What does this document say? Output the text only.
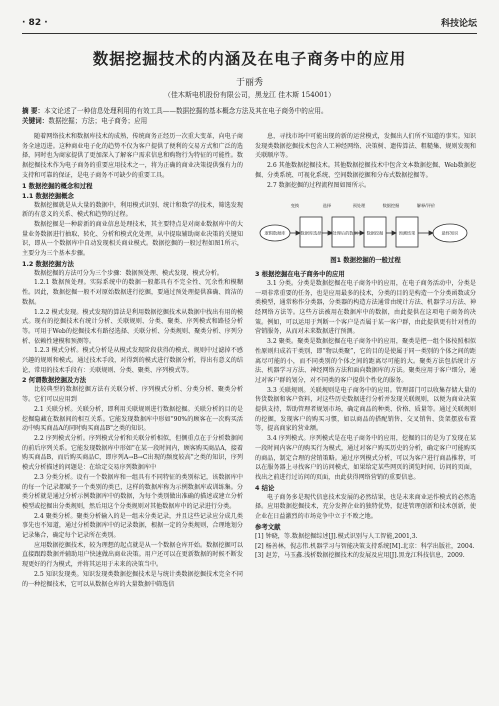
· 82 ·	科技论坛
数据挖掘技术的内涵及在电子商务中的应用
于丽秀
（佳木斯电机股份有限公司，黑龙江 佳木斯 154001）
摘 要：本文论述了一种信息处理利用的有效工具——数据挖掘的基本概念方法及其在电子商务中的应用。
关键词：数据挖掘；方法；电子商务；应用

随着网络技术和数据库技术的成熟，传统商务正经历一次重大变革，向电子商务全速迈进。这种商业电子化的趋势不仅为客户提供了便利的交易方式和广泛的选择，同时也为商家提供了更加深入了解客户需求信息和购物行为特征的可能性。数据挖掘技术作为电子商务的重要应用技术之一，将为正确的商业决策提供强有力的支持和可靠的保证，是电子商务不可缺少的重要工具。

1 数据挖掘的概念和过程
1.1 数据挖掘概念

数据挖掘就是从大量的数据中，利用模式识别、统计和数学的技术，筛选发现新的有意义的关系、模式和趋势的过程。

数据挖掘是一种崭新的商业信息处理技术，其主要特点是对商业数据库中的大量业务数据进行抽取、转化、分析和模式化处理，从中提取辅助商业决策的关键知识，即从一个数据库中自动发现相关商业模式。数据挖掘的一般过程如图1所示，主要分为三个基本步骤。

1.2 数据挖掘方法

数据挖掘的方法可分为三个步骤：数据预处理、模式发现、模式分析。

1.2.1 数据预处理。实际系统中的数据一般都具有不完全性、冗余性和模糊性。因此，数据挖掘一般不对原始数据进行挖掘，要通过预处理提供准确、简洁的数据。

1.2.2 模式发现。模式发现的算法是利用数据挖掘技术从数据中找出有用的模式。现有的挖掘技术有统计分析、关联规则、分类、聚类、序列模式和路径分析等。可用于Web的挖掘技术有路径选择、关联分析、分类规则、聚类分析、序列分析、依赖性建模和预测等。

1.2.3 模式分析。模式分析是从模式发现阶段获得的模式、规则中过滤掉不感兴趣的规则和模式。通过技术手段，对得到的模式进行数据分析，得出有意义的结论，常用的技术手段有：关联规则、分类、聚类、序列模式等。

2 何谓数据挖掘及方法

比较典型的数据挖掘方法有关联分析、序列模式分析、分类分析、聚类分析等。它们可以应用到

2.1 关联分析。关联分析，即利用关联规则进行数据挖掘。关联分析的目的是挖掘隐藏在数据间的相互关系。它能发现数据库中形如"90%的顾客在一次购买活动中购买商品A的同时购买商品B"之类的知识。

2.2 序列模式分析。序列模式分析和关联分析相似，但侧重点在于分析数据间的前后序列关系。它能发现数据库中形如"在某一段时间内，顾客购买商品A，接着购买商品B，而后购买商品C，即序列A→B→C出现的频度较高"之类的知识，序列模式分析描述的问题是：在给定交易序列数据库中

2.3 分类分析。设有一个数据库和一组具有不同特征的类别标记，该数据库中的每一个记录都赋予一个类别的类已，这样的数据库称为示例数据库或训练集。分类分析就是通过分析示例数据库中的数据，为每个类别做出准确的描述或建立分析模型或挖掘出分类规则，然后用这个分类规则对其他数据库中的记录进行分类。

2.4 聚类分析。聚类分析输入的是一组未分类记录，并且这些记录应分成几类事先也不知道，通过分析数据库中的记录数据，根据一定的分类规则，合理地划分记录集合，确定每个记录所在类别。

应用数据挖掘技术，较为理想的起点就是从一个数据仓库开始。数据挖掘可以直接跟踪数据并辅助用户快速做出商业决策。用户还可以在更新数据的时候不断发现更好的行为模式，并将其运用于未来的决策当中。

2.5 知识发现类。知识发现类数据挖掘技术是与统计类数据挖掘技术完全不同的一种挖掘技术，它可以从数据仓库的大量数据中筛选信

息，寻找市场中可能出现的新的运营模式，发掘出人们所不知道的事实。知识发现类数据挖掘技术包含人工神经网络、决策树、遗传算法、粗糙集、规则发现和关联顺序等。

2.6 其他数据挖掘技术。其他数据挖掘技术中包含文本数据挖掘、Web数据挖掘、分类系统、可视化系统、空间数据挖掘和分布式数据挖掘等。

2.7 数据挖掘的过程流程图如图所示。

逻辑数据库	数据库选择 预处理后的数据 数据挖掘	预测结果	最终知识
变换	选择	预处理	数据挖掘	解释/评价
图1 数据挖掘的一般过程
3 根据挖掘在电子商务中的应用

3.1 分类。分类是数据挖掘在电子商务中的应用，在电子商务活动中，分类是一项非常重要的任务，也是应用最多的技术，分类的目的是构造一个分类函数或分类模型，通常称作分类器，分类器的构造方法通常由统计方法、机器学习方法、神经网络方法等。这些方法被用在数据库中的数据，由此提供在这项电子商务的决策。例如，可以运用于判断一个客户是否属于某一客户群，由此提供更有针对性的营销服务，从而对未来数据进行预测。

3.2 聚类。聚类是数据挖掘在电子商务中的应用，聚类是把一组个体按照相似性原则归成若干类别，即“物以类聚”，它的目的是使属于同一类别的个体之间的距离尽可能的小，而不同类别的个体之间的距离尽可能的大。聚类方法包括统计方法、机器学习方法、神经网络方法和面向数据库的方法。聚类应用于客户细分，通过对客户群的划分，对不同类的客户提供个性化的服务。

3.3 关联规则。关联规则是电子商务中的应用。管理部门可以收集存储大量的售货数据和客户资料，对这些历史数据进行分析并发现关联规则，以便为商业决策提供支持，帮助管理者规划市场，确定商品的种类、价格、质量等。通过关联规则的挖掘，发现客户的购买习惯，如以商品的搭配销售、交叉销售、货架摆放布置等，提高商家的营业额。

3.4 序列模式。序列模式是在电子商务中的应用，挖掘的目的是为了发现在某一段时间内客户的购买行为模式，通过对客户购买历史的分析，确定客户可能购买的商品，制定合理的营销策略。通过序列模式分析，可以为客户进行商品推荐，可以在服务器上寻找客户的访问模式，如果给定某些网页的浏览时间、访问的页面，找出之前进行过访问的页面，由此获得网络营销的重要信息。

4 结论

电子商务多是现代信息技术发展的必然结果，也是未来商业运作模式的必然选择。应用数据挖掘技术，充分发挥企业的独特优势，促进管理创新和技术创新，使企业在日益激烈的市场竞争中立于不败之地。

参考文献

[1] 钟晓，等.数据挖掘综述[J].模式识别与人工智能,2001,3.

[2] 杨善林，倪志伟.机器学习与智能决策支持系统[M].北京：科学出版社，2004.

[3] 赵芳，马玉鑫.浅析数据挖掘技术的发展及应用[J].黑龙江科技信息，2009.
